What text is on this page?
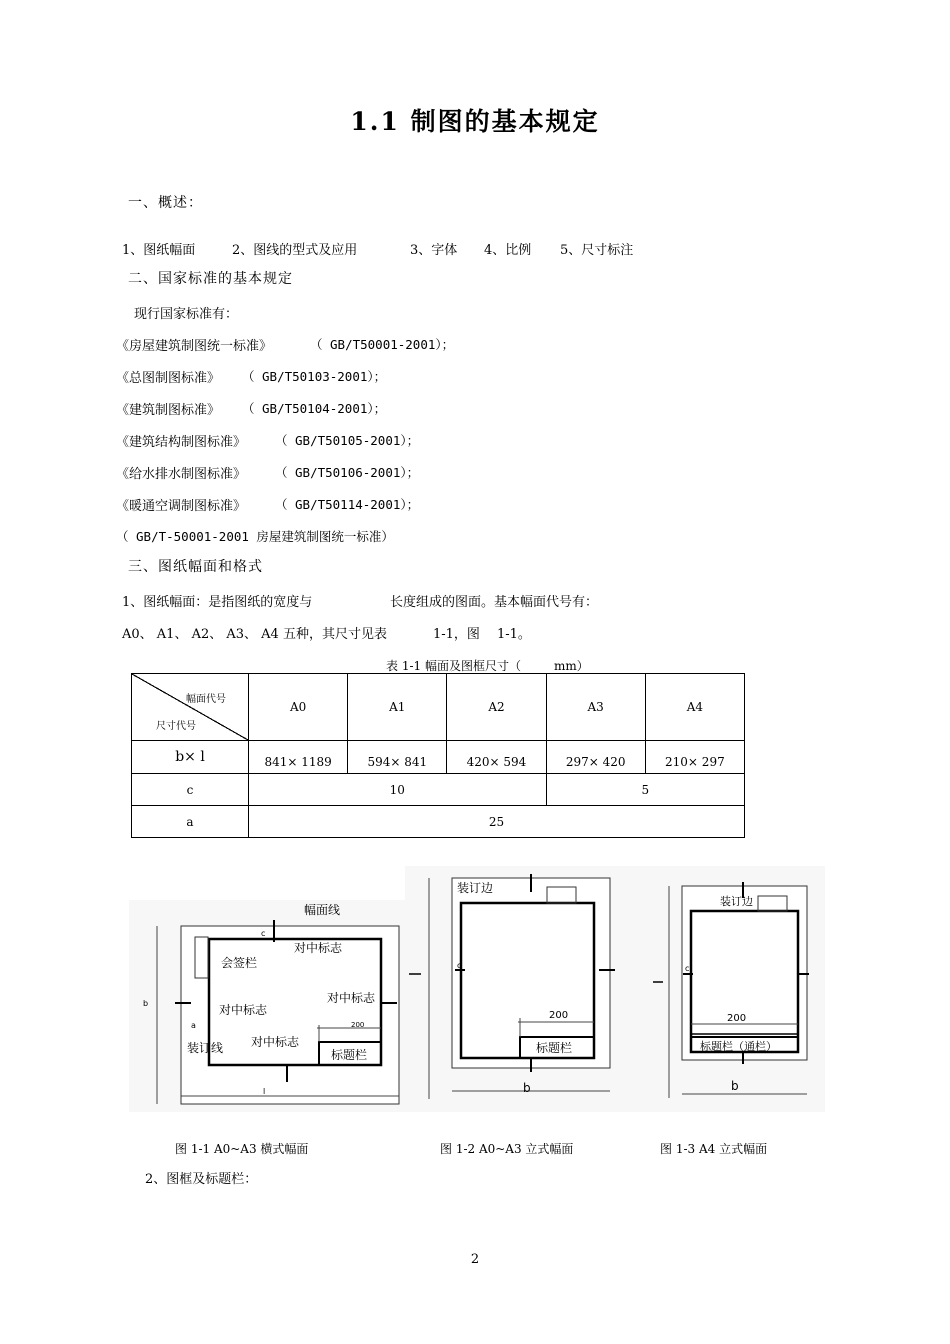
1.1 制图的基本规定
一、概述：
1、图纸幅面	2、图线的型式及应用	3、字体 4、比例 5、尺寸标注
二、国家标准的基本规定
现行国家标准有：
《房屋建筑制图统一标准》	（ GB/T50001-2001）；
《总图制图标准》 （ GB/T50103-2001）；
《建筑制图标准》 （ GB/T50104-2001）；
《建筑结构制图标准》 （ GB/T50105-2001）；
《给水排水制图标准》 （ GB/T50106-2001）；
《暖通空调制图标准》 （ GB/T50114-2001）；
（ GB/T-50001-2001 房屋建筑制图统一标准）
三、图纸幅面和格式
1、图纸幅面：是指图纸的宽度与	长度组成的图面。基本幅面代号有：
A0、 A1、 A2、 A3、 A4 五种，其尺寸见表	1-1，图 1-1。
表 1-1 幅面及图框尺寸（	mm）
幅面代号
尺寸代号	A0	A1	A2	A3	A4
b× l	841× 1189	594× 841	420× 594	297× 420	210× 297
c	10			5	
a	25				
幅面线
对中标志
会签栏
对中标志
对中标志
装订线 对中标志
标题栏
200
a
c
b
l
装订边
200
标题栏
c
b
装订边
200
标题栏（通栏）
c
b
图 1-1 A0~A3 横式幅面	图 1-2 A0~A3 立式幅面	图 1-3 A4 立式幅面
2、图框及标题栏：
2
